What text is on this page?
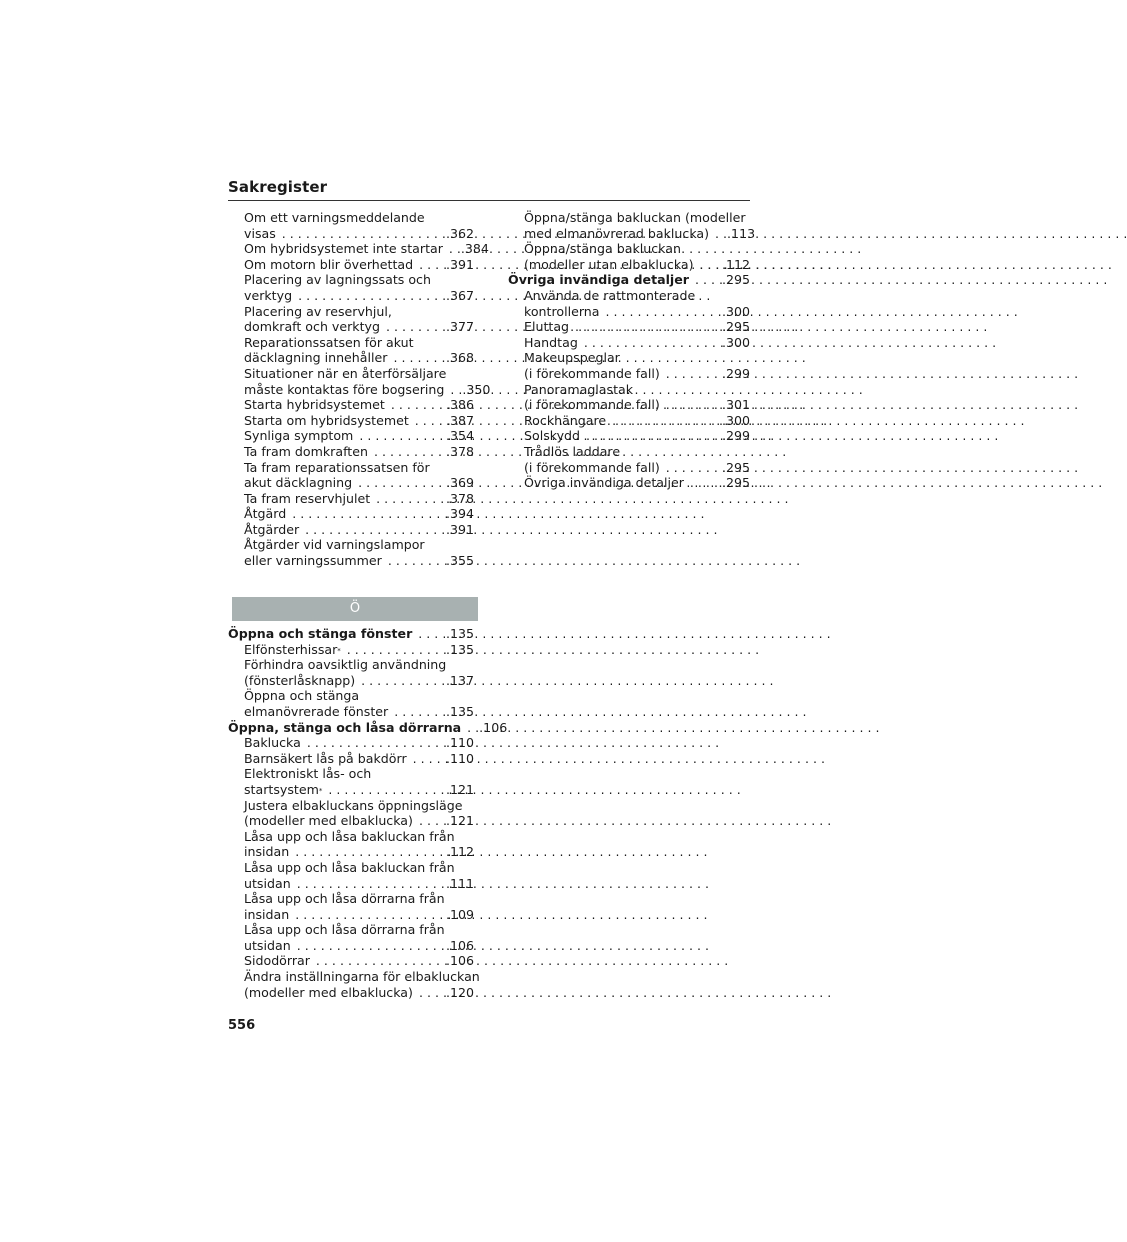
Sakregister
Om ett varningsmeddelande
visas . . .	.362
Om hybridsystemet inte startar . . . .384
Om motorn blir överhettad . . .	.391
Placering av lagningssats och
verktyg . . .	.367
Placering av reservhjul,
domkraft och verktyg . . .	.377
Reparationssatsen för akut
däcklagning innehåller . . .	.368
Situationer när en återförsäljare
måste kontaktas före bogsering . . . .350
Starta hybridsystemet . . .	.386
Starta om hybridsystemet . . .	.387
Synliga symptom . . .	.354
Ta fram domkraften . . .	.378
Ta fram reparationssatsen för
akut däcklagning . . .	.369
Ta fram reservhjulet . . .	.378
Åtgärd . . .	.394
Åtgärder . . .	.391
Åtgärder vid varningslampor
eller varningssummer . . .	.355
Ö
Öppna och stänga fönster . . .	.135
Elfönsterhissar* . . .	.135
Förhindra oavsiktlig användning
(fönsterlåsknapp) . . .	.137
Öppna och stänga
elmanövrerade fönster . . .	.135
Öppna, stänga och låsa dörrarna . . . .106
Baklucka . . .	.110
Barnsäkert lås på bakdörr . . .	.110
Elektroniskt lås- och
startsystem* . . .	.121
Justera elbakluckans öppningsläge
(modeller med elbaklucka) . . .	.121
Låsa upp och låsa bakluckan från
insidan . . .	.112
Låsa upp och låsa bakluckan från
utsidan . . .	.111
Låsa upp och låsa dörrarna från
insidan . . .	.109
Låsa upp och låsa dörrarna från
utsidan . . .	.106
Sidodörrar . . .	.106
Ändra inställningarna för elbakluckan
(modeller med elbaklucka) . . .	.120
Öppna/stänga bakluckan (modeller
med elmanövrerad baklucka) . . . .113
Öppna/stänga bakluckan
(modeller utan elbaklucka) . . . .112
Övriga invändiga detaljer . . .	.295
Använda de rattmonterade
kontrollerna . . .	.300
Eluttag . . .	.295
Handtag . . .	.300
Makeupspeglar
(i förekommande fall) . . .	.299
Panoramaglastak
(i förekommande fall) . . .	.301
Rockhängare . . .	.300
Solskydd . . .	.299
Trådlös laddare
(i förekommande fall) . . .	.295
Övriga invändiga detaljer . . .	.295
556
